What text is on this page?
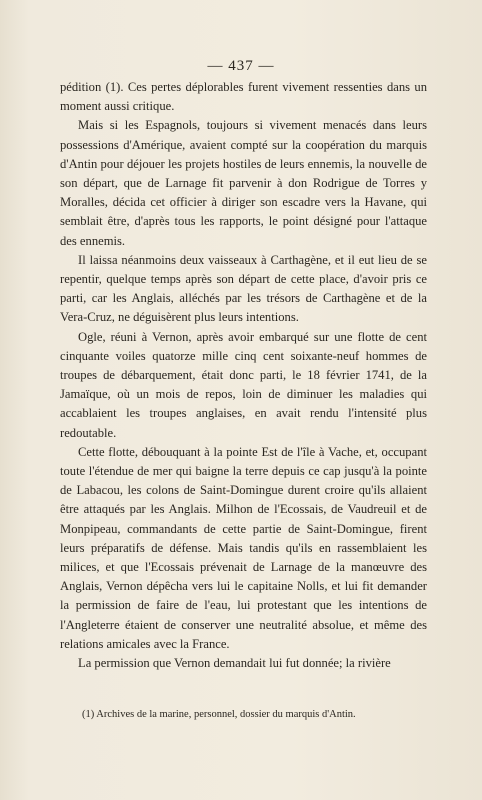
— 437 —

pédition (1). Ces pertes déplorables furent vivement ressenties dans un moment aussi critique.

Mais si les Espagnols, toujours si vivement menacés dans leurs possessions d'Amérique, avaient compté sur la coopération du marquis d'Antin pour déjouer les projets hostiles de leurs ennemis, la nouvelle de son départ, que de Larnage fit parvenir à don Rodrigue de Torres y Moralles, décida cet officier à diriger son escadre vers la Havane, qui semblait être, d'après tous les rapports, le point désigné pour l'attaque des ennemis.

Il laissa néanmoins deux vaisseaux à Carthagène, et il eut lieu de se repentir, quelque temps après son départ de cette place, d'avoir pris ce parti, car les Anglais, alléchés par les trésors de Carthagène et de la Vera-Cruz, ne déguisèrent plus leurs intentions.

Ogle, réuni à Vernon, après avoir embarqué sur une flotte de cent cinquante voiles quatorze mille cinq cent soixante-neuf hommes de troupes de débarquement, était donc parti, le 18 février 1741, de la Jamaïque, où un mois de repos, loin de diminuer les maladies qui accablaient les troupes anglaises, en avait rendu l'intensité plus redoutable.

Cette flotte, débouquant à la pointe Est de l'île à Vache, et, occupant toute l'étendue de mer qui baigne la terre depuis ce cap jusqu'à la pointe de Labacou, les colons de Saint-Domingue durent croire qu'ils allaient être attaqués par les Anglais. Milhon de l'Ecossais, de Vaudreuil et de Monpipeau, commandants de cette partie de Saint-Domingue, firent leurs préparatifs de défense. Mais tandis qu'ils en rassemblaient les milices, et que l'Ecossais prévenait de Larnage de la manœuvre des Anglais, Vernon dépêcha vers lui le capitaine Nolls, et lui fit demander la permission de faire de l'eau, lui protestant que les intentions de l'Angleterre étaient de conserver une neutralité absolue, et même des relations amicales avec la France.

La permission que Vernon demandait lui fut donnée; la rivière

(1) Archives de la marine, personnel, dossier du marquis d'Antin.
